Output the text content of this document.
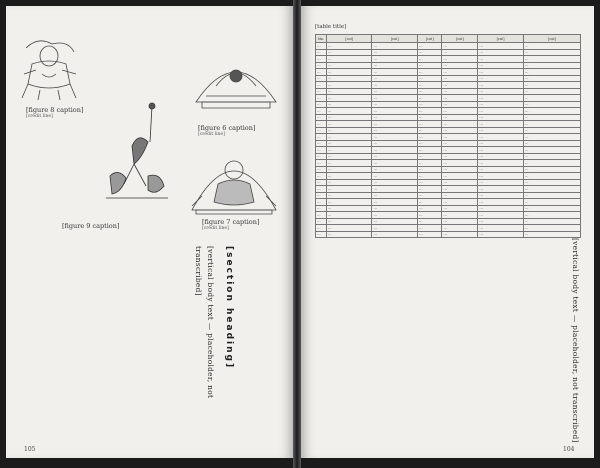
[figure 8 caption]
[credit line]
[figure 6 caption]
[credit line]
[figure 9 caption]	[figure 7 caption]
[credit line]
[section heading]

[vertical body text — placeholder, not transcribed]

105
[table title]
No.	[col]	[col]	[col]	[col]	[col]	[col]
…	…	…	…	…	…	…
…	…	…	…	…	…	…
…	…	…	…	…	…	…
…	…	…	…	…	…	…
…	…	…	…	…	…	…
…	…	…	…	…	…	…
…	…	…	…	…	…	…
…	…	…	…	…	…	…
…	…	…	…	…	…	…
…	…	…	…	…	…	…
…	…	…	…	…	…	…
…	…	…	…	…	…	…
…	…	…	…	…	…	…
…	…	…	…	…	…	…
…	…	…	…	…	…	…
…	…	…	…	…	…	…
…	…	…	…	…	…	…
…	…	…	…	…	…	…
…	…	…	…	…	…	…
…	…	…	…	…	…	…
…	…	…	…	…	…	…
…	…	…	…	…	…	…
…	…	…	…	…	…	…
…	…	…	…	…	…	…
…	…	…	…	…	…	…
…	…	…	…	…	…	…
…	…	…	…	…	…	…
…	…	…	…	…	…	…
…	…	…	…	…	…	…
…	…	…	…	…	…	…

[vertical body text — placeholder, not transcribed]

104
